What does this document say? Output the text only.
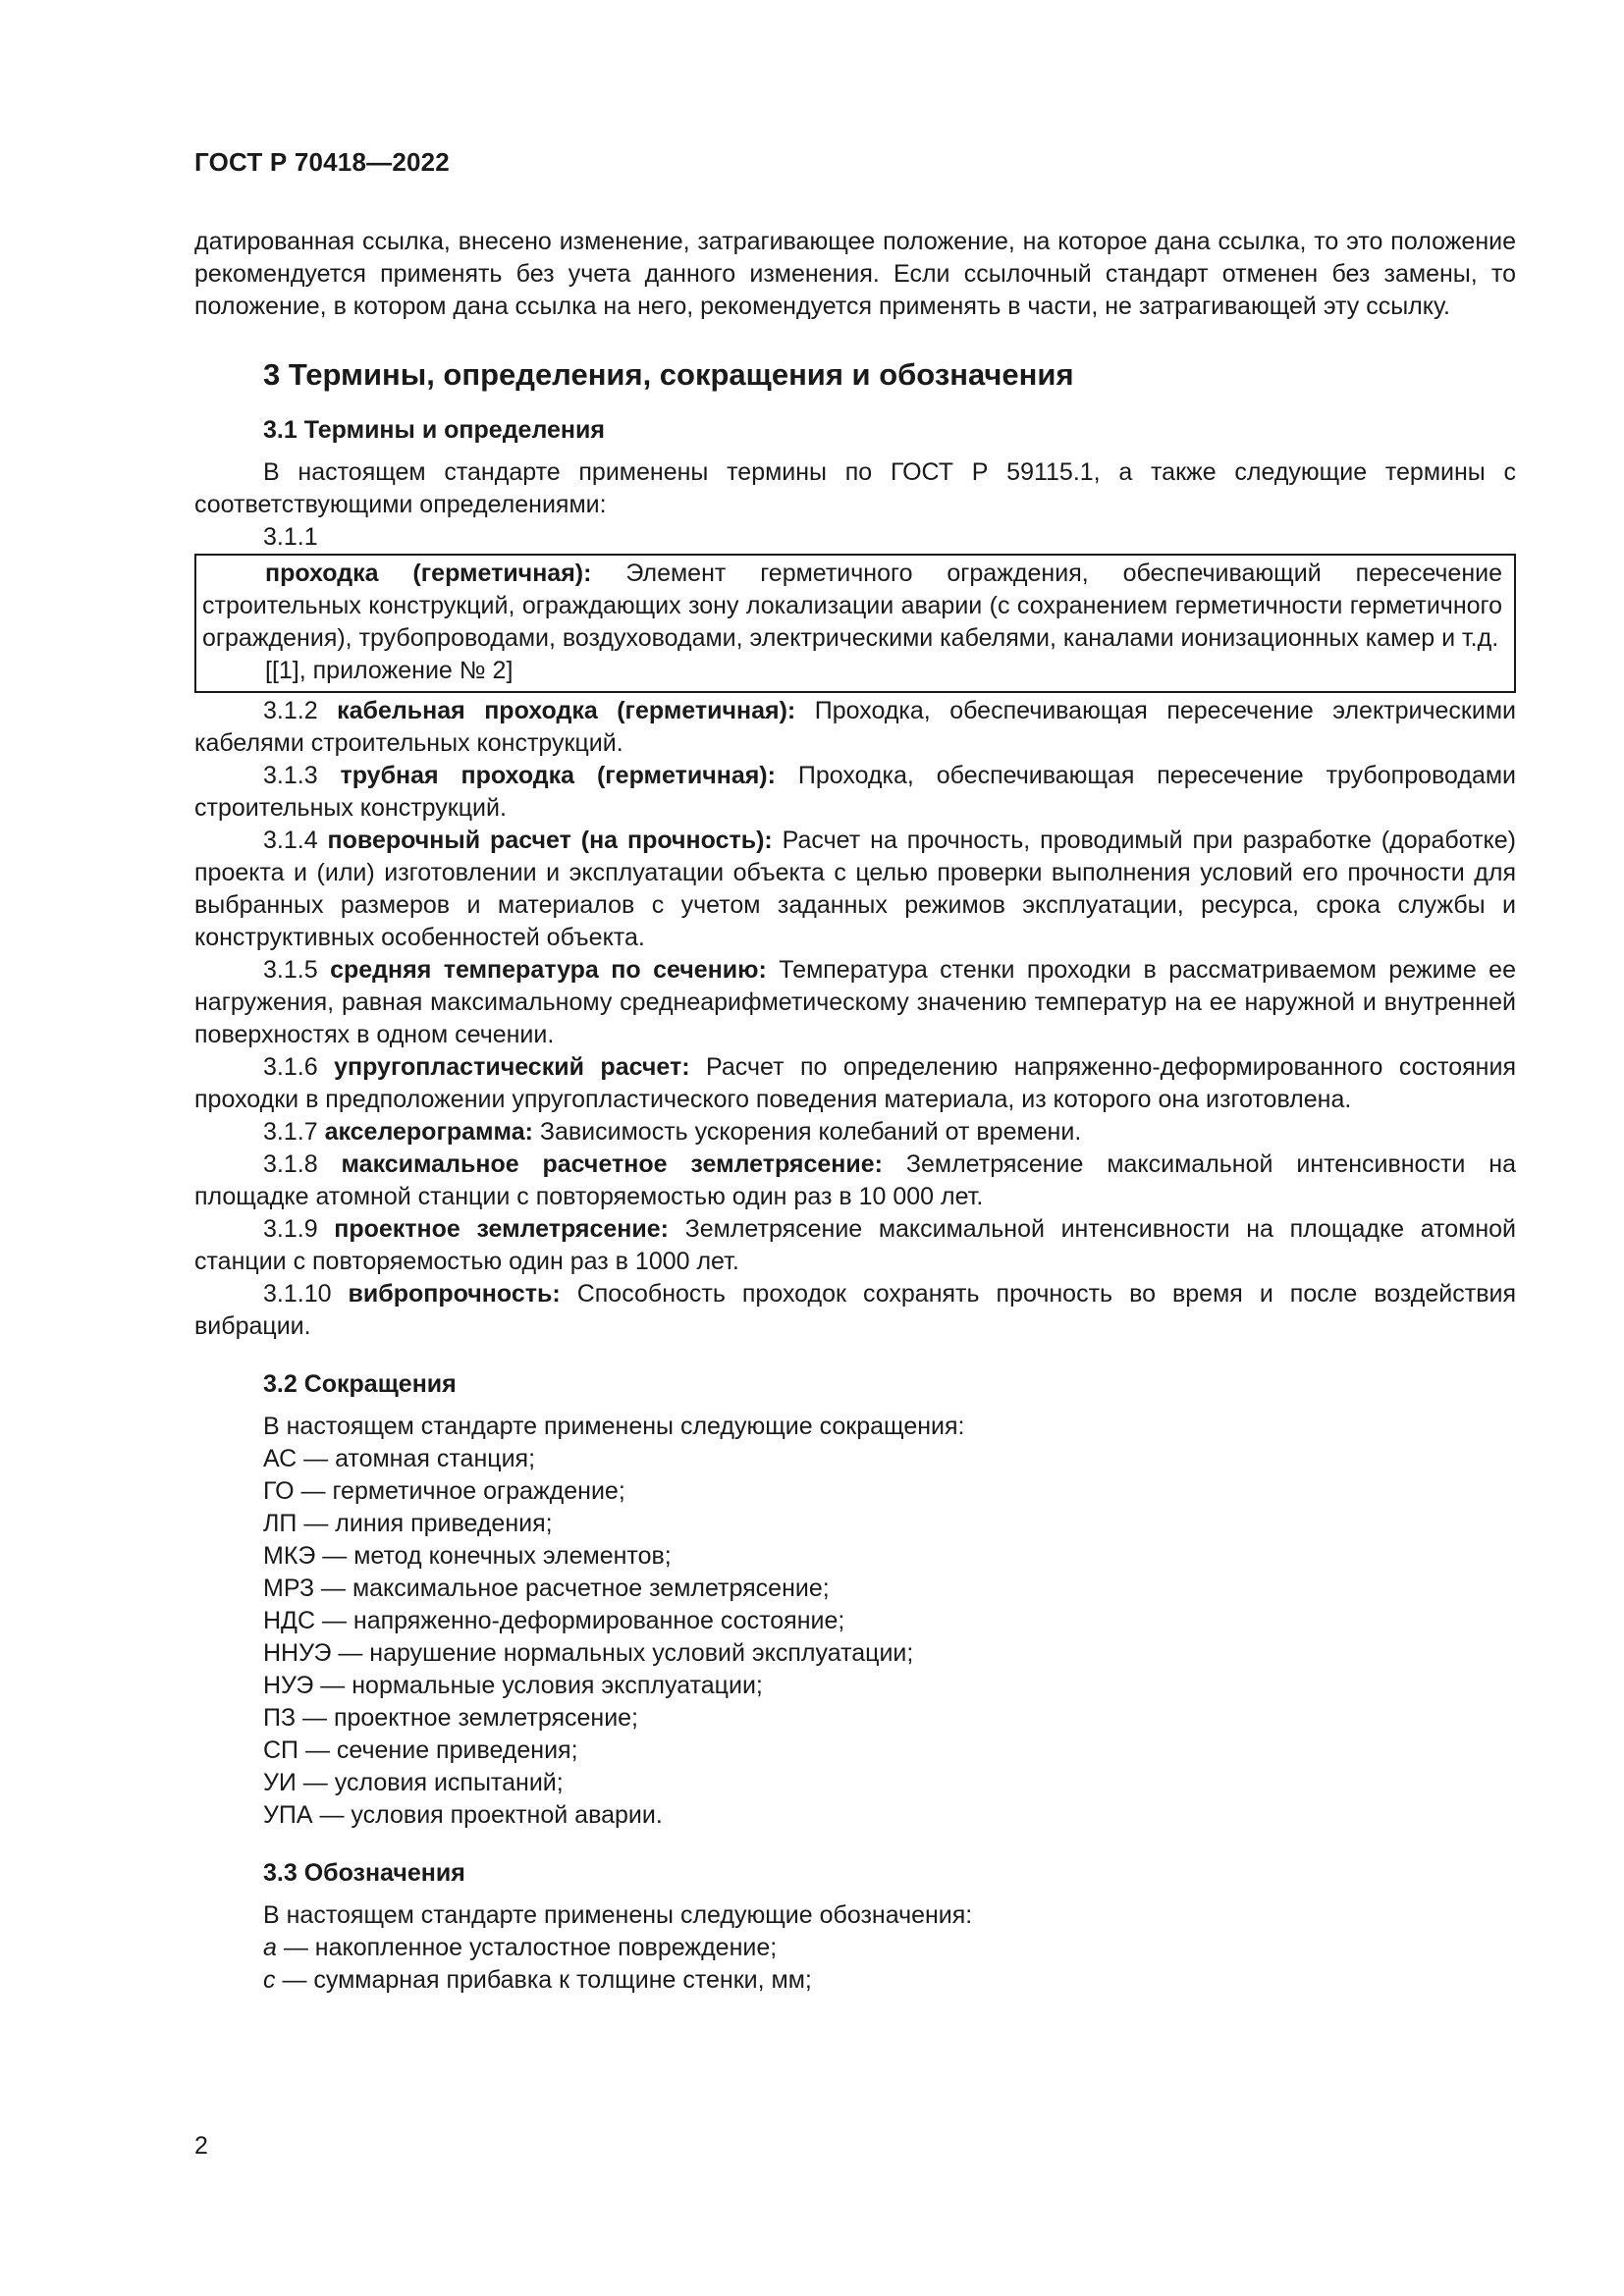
ГОСТ Р 70418—2022

датированная ссылка, внесено изменение, затрагивающее положение, на которое дана ссылка, то это положение рекомендуется применять без учета данного изменения. Если ссылочный стандарт отменен без замены, то положение, в котором дана ссылка на него, рекомендуется применять в части, не затрагивающей эту ссылку.

3 Термины, определения, сокращения и обозначения

3.1 Термины и определения

В настоящем стандарте применены термины по ГОСТ Р 59115.1, а также следующие термины с соответствующими определениями:

3.1.1

проходка (герметичная): Элемент герметичного ограждения, обеспечивающий пересечение строительных конструкций, ограждающих зону локализации аварии (с сохранением герметичности герметичного ограждения), трубопроводами, воздуховодами, электрическими кабелями, каналами ионизационных камер и т.д.

[[1], приложение № 2]

3.1.2 кабельная проходка (герметичная): Проходка, обеспечивающая пересечение электрическими кабелями строительных конструкций.

3.1.3 трубная проходка (герметичная): Проходка, обеспечивающая пересечение трубопроводами строительных конструкций.

3.1.4 поверочный расчет (на прочность): Расчет на прочность, проводимый при разработке (доработке) проекта и (или) изготовлении и эксплуатации объекта с целью проверки выполнения условий его прочности для выбранных размеров и материалов с учетом заданных режимов эксплуатации, ресурса, срока службы и конструктивных особенностей объекта.

3.1.5 средняя температура по сечению: Температура стенки проходки в рассматриваемом режиме ее нагружения, равная максимальному среднеарифметическому значению температур на ее наружной и внутренней поверхностях в одном сечении.

3.1.6 упругопластический расчет: Расчет по определению напряженно-деформированного состояния проходки в предположении упругопластического поведения материала, из которого она изготовлена.

3.1.7 акселерограмма: Зависимость ускорения колебаний от времени.

3.1.8 максимальное расчетное землетрясение: Землетрясение максимальной интенсивности на площадке атомной станции с повторяемостью один раз в 10 000 лет.

3.1.9 проектное землетрясение: Землетрясение максимальной интенсивности на площадке атомной станции с повторяемостью один раз в 1000 лет.

3.1.10 вибропрочность: Способность проходок сохранять прочность во время и после воздействия вибрации.

3.2 Сокращения

В настоящем стандарте применены следующие сокращения:

АС — атомная станция;
ГО — герметичное ограждение;
ЛП — линия приведения;
МКЭ — метод конечных элементов;
МРЗ — максимальное расчетное землетрясение;
НДС — напряженно-деформированное состояние;
ННУЭ — нарушение нормальных условий эксплуатации;
НУЭ — нормальные условия эксплуатации;
ПЗ — проектное землетрясение;
СП — сечение приведения;
УИ — условия испытаний;
УПА — условия проектной аварии.

3.3 Обозначения

В настоящем стандарте применены следующие обозначения:

a — накопленное усталостное повреждение;
c — суммарная прибавка к толщине стенки, мм;
2
